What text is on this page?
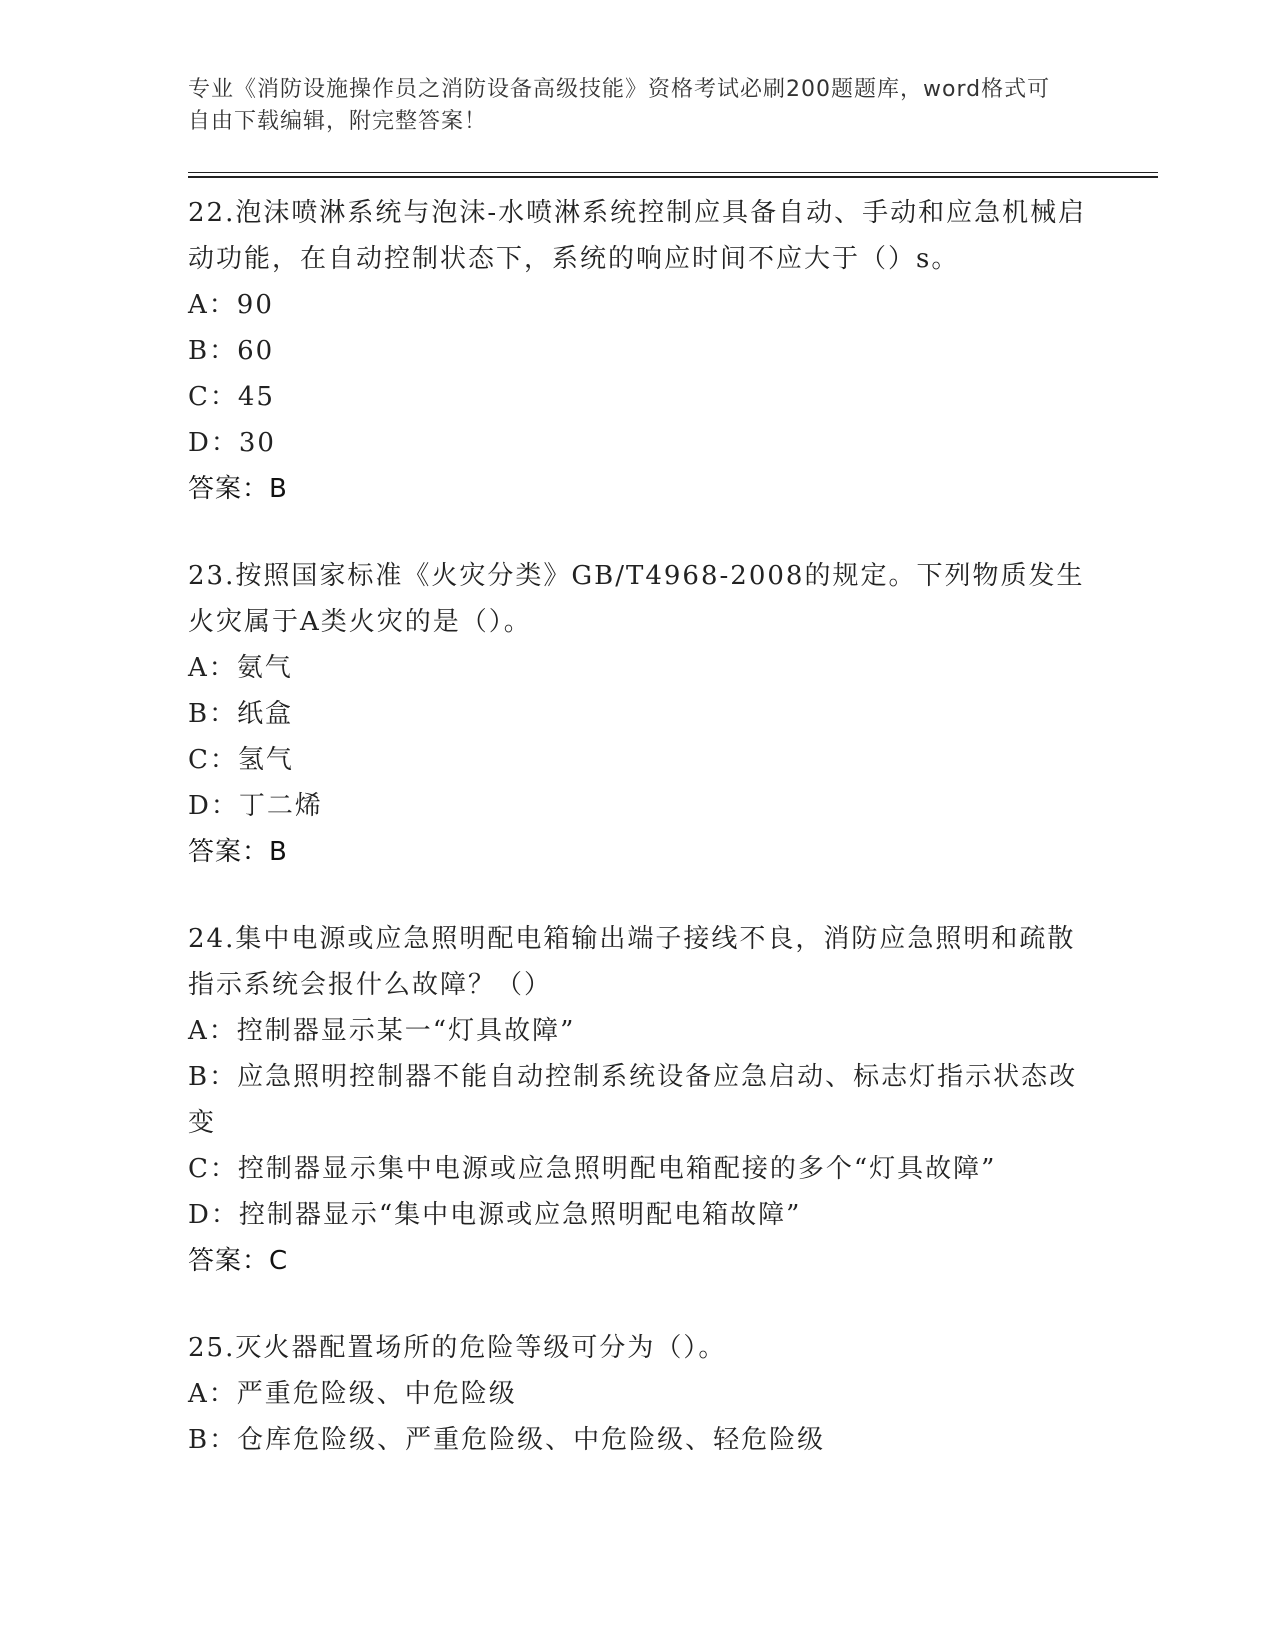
专业《消防设施操作员之消防设备高级技能》资格考试必刷200题题库，word格式可自由下载编辑，附完整答案！
22.泡沫喷淋系统与泡沫-水喷淋系统控制应具备自动、手动和应急机械启动功能，在自动控制状态下，系统的响应时间不应大于（）s。
A：90
B：60
C：45
D：30
答案：B
23.按照国家标准《火灾分类》GB/T4968-2008的规定。下列物质发生火灾属于A类火灾的是（）。
A：氨气
B：纸盒
C：氢气
D：丁二烯
答案：B
24.集中电源或应急照明配电箱输出端子接线不良，消防应急照明和疏散指示系统会报什么故障？（）
A：控制器显示某一“灯具故障”
B：应急照明控制器不能自动控制系统设备应急启动、标志灯指示状态改变
C：控制器显示集中电源或应急照明配电箱配接的多个“灯具故障”
D：控制器显示“集中电源或应急照明配电箱故障”
答案：C
25.灭火器配置场所的危险等级可分为（）。
A：严重危险级、中危险级
B：仓库危险级、严重危险级、中危险级、轻危险级
